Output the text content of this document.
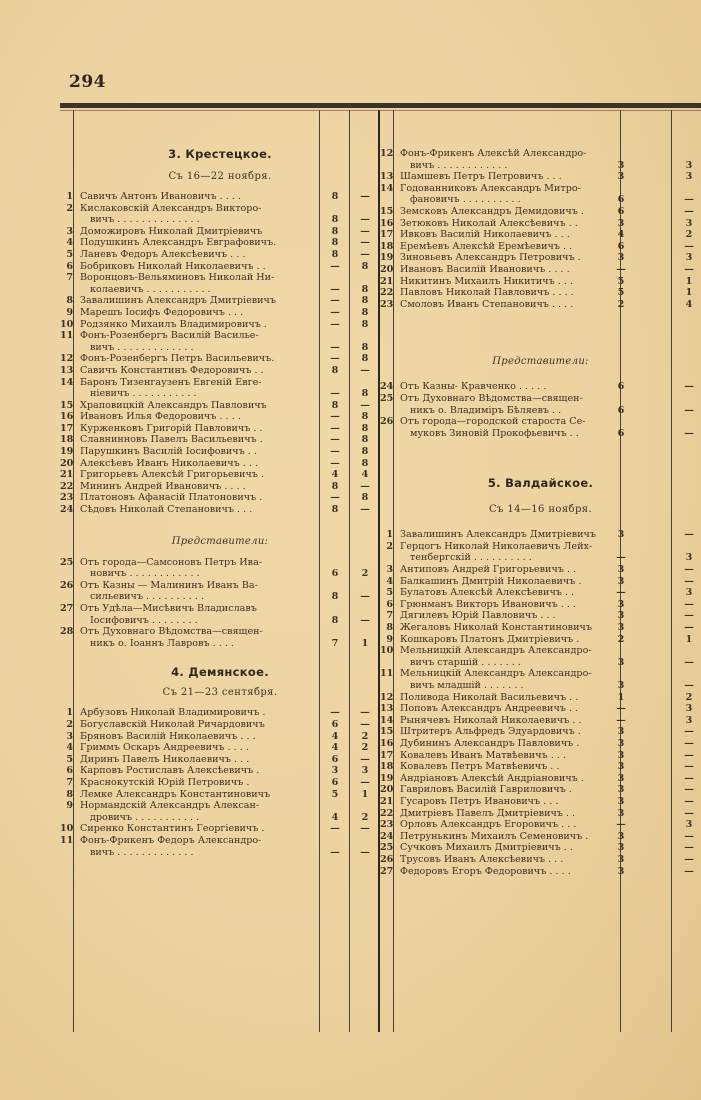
294
3. Крестецкое.
Съ 16—22 ноября.
1 Савичъ Антонъ Ивановичъ . . . .	8	—
2 Кислаковскій Александръ Викторо-
вичъ . . . . . . . . . . . . . .	8	—
3 Доможировъ Николай Дмитріевичъ	8	—
4 Подушкинъ Александръ Евграфовичъ.	8	—
5 Ланевъ Федоръ Алексѣевичъ . . .	8	—
6 Бобриковъ Николай Николаевичъ . .	—	8
7 Воронцовъ-Вельяминовъ Николай Ни-
колаевичъ . . . . . . . . . . .	—	8
8 Завалишинъ Александръ Дмитріевичъ	—	8
9 Марешъ Іосифъ Федоровичъ . . .	—	8
10 Родзянко Михаилъ Владимировичъ .	—	8
11 Фонъ-Розенбергъ Василій Василье-
вичъ . . . . . . . . . . . . .	—	8
12 Фонъ-Розенбергъ Петръ Васильевичъ.	—	8
13 Савичъ Константинъ Федоровичъ . .	8	—
14 Баронъ Тизенгаузенъ Евгеній Евге-
ніевичъ . . . . . . . . . . .	—	8
15 Храповицкій Александръ Павловичъ	8	—
16 Ивановъ Илья Федоровичъ . . . .	—	8
17 Курженковъ Григорій Павловичъ . .	—	8
18 Славнинновъ Павелъ Васильевичъ .	—	8
19 Парушкинъ Василій Іосифовичъ . .	—	8
20 Алексѣевъ Иванъ Николаевичъ . . .	—	8
21 Григорьевъ Алексѣй Григорьевичъ .	4	4
22 Мининъ Андрей Ивановичъ . . . .	8	—
23 Платоновъ Афанасій Платоновичъ .	—	8
24 Сѣдовъ Николай Степановичъ . . .	8	—
Представители:
25 Отъ города—Самсоновъ Петръ Ива-
новичъ . . . . . . . . . . . .	6	2
26 Отъ Казны — Малининъ Иванъ Ва-
сильевичъ . . . . . . . . . .	8	—
27 Отъ Удѣла—Мисѣвичъ Владиславъ
Іосифовичъ . . . . . . . .	8	—
28 Отъ Духовнаго Вѣдомства—священ-
никъ о. Іоаннъ Лавровъ . . . .	7	1
4. Демянское.
Съ 21—23 сентября.
1 Арбузовъ Николай Владимировичъ .	—	—
2 Богуславскій Николай Ричардовичъ	6	—
3 Бряновъ Василій Николаевичъ . . .	4	2
4 Гриммъ Оскаръ Андреевичъ . . . .	4	2
5 Диринъ Павелъ Николаевичъ . . .	6	—
6 Карповъ Ростиславъ Алексѣевичъ .	3	3
7 Краснокутскій Юрій Петровичъ .	6	—
8 Лемке Александръ Константиновичъ	5	1
9 Нормандскій Александръ Алексан-
дровичъ . . . . . . . . . . .	4	2
10 Сиренко Константинъ Георгіевичъ .	—	—
11 Фонъ-Фрикенъ Федоръ Александро-
вичъ . . . . . . . . . . . . .	—	—
12 Фонъ-Фрикенъ Алексѣй Александро-
вичъ . . . . . . . . . . . .	3	3
13 Шамшевъ Петръ Петровичъ . . .	3	3
14 Годованниковъ Александръ Митро-
фановичъ . . . . . . . . . .	6	—
15 Земсковъ Александръ Демидовичъ .	6	—
16 Зетюковъ Николай Алексѣевичъ . .	3	3
17 Ивковъ Василій Николаевичъ . . .	4	2
18 Еремѣевъ Алексѣй Еремѣевичъ . .	6	—
19 Зиновьевъ Александръ Петровичъ .	3	3
20 Ивановъ Василій Ивановичъ . . . .	—	—
21 Никитинъ Михаилъ Никитичъ . . .	5	1
22 Павловъ Николай Павловичъ . . . .	5	1
23 Смоловъ Иванъ Степановичъ . . . .	2	4
Представители:
24 Отъ Казны- Кравченко . . . . .	6	—
25 Отъ Духовнаго Вѣдомства—священ-
никъ о. Владиміръ Бѣляевъ . .	6	—
26 Отъ города—городской староста Се-
муковъ Зиновій Прокофьевичъ . .	6	—
5. Валдайское.
Съ 14—16 ноября.
1 Завалишинъ Александръ Дмитріевичъ	3	—
2 Герцогъ Николай Николаевичъ Лейх-
тенбергскій . . . . . . . . . .	—	3
3 Антиповъ Андрей Григорьевичъ . .	3	—
4 Балкашинъ Дмитрій Николаевичъ .	3	—
5 Булатовъ Алексѣй Алексѣевичъ . .	—	3
6 Грюнманъ Викторъ Ивановичъ . . .	3	—
7 Дягилевъ Юрій Павловичъ . . .	3	—
8 Жегаловъ Николай Константиновичъ	3	—
9 Кошкаровъ Платонъ Дмитріевичъ .	2	1
10 Мельницкій Александръ Александро-
вичъ старшій . . . . . . .	3	—
11 Мельницкій Александръ Александро-
вичъ младшій . . . . . . .	3	—
12 Поливода Николай Васильевичъ . .	1	2
13 Поповъ Александръ Андреевичъ . .	—	3
14 Рынячевъ Николай Николаевичъ . .	—	3
15 Штритеръ Альфредъ Эдуардовичъ .	3	—
16 Дубининъ Александръ Павловичъ .	3	—
17 Ковалевъ Иванъ Матвѣевичъ . . .	3	—
18 Ковалевъ Петръ Матвѣевичъ . .	3	—
19 Андріановъ Алексѣй Андріановичъ .	3	—
20 Гавриловъ Василій Гавриловичъ .	3	—
21 Гусаровъ Петръ Ивановичъ . . .	3	—
22 Дмитріевъ Павелъ Дмитріевичъ . .	3	—
23 Орловъ Александръ Егоровичъ . . .	—	3
24 Петрунькинъ Михаилъ Семеновичъ .	3	—
25 Сучковъ Михаилъ Дмитріевичъ . .	3	—
26 Трусовъ Иванъ Алексѣевичъ . . .	3	—
27 Федоровъ Егоръ Федоровичъ . . . .	3	—
